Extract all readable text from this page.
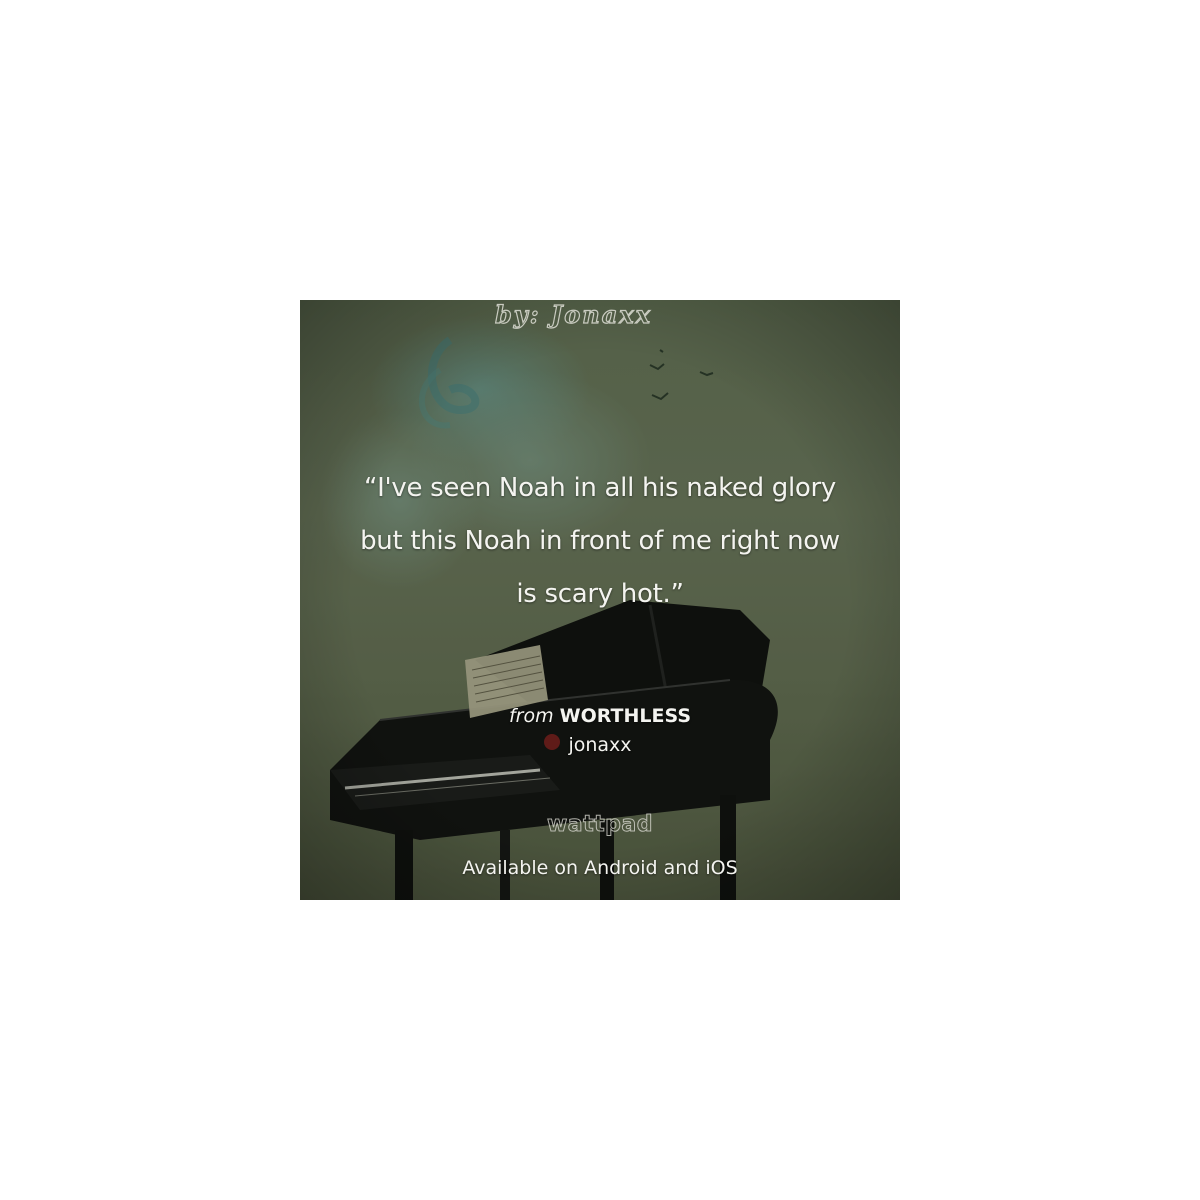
by: Jonaxx
“I've seen Noah in all his naked glory but this Noah in front of me right now is scary hot.”
from WORTHLESS
jonaxx
wattpad
Available on Android and iOS
